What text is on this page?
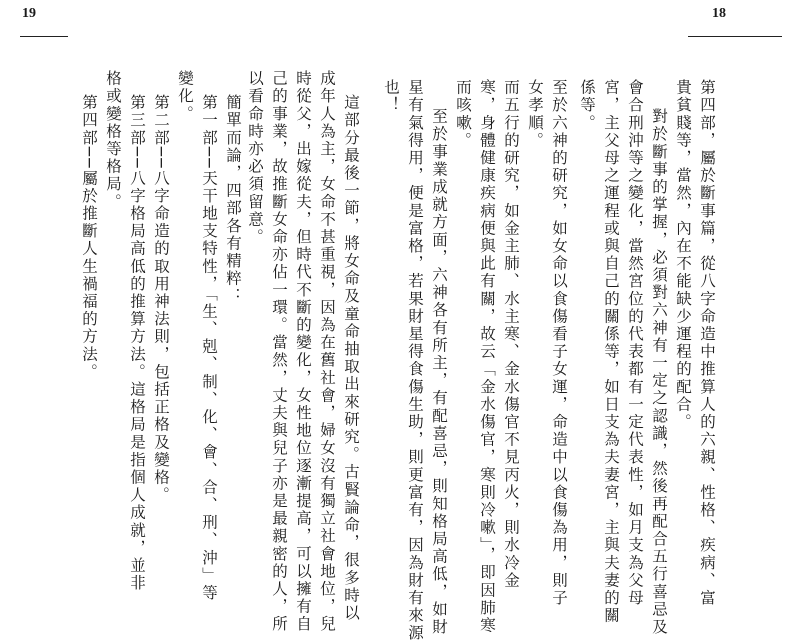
19	18
第四部，屬於斷事篇，從八字命造中推算人的六親、性格、疾病、富
貴貧賤等，當然，內在不能缺少運程的配合。
對於斷事的掌握，必須對六神有一定之認識，然後再配合五行喜忌及
會合刑沖等之變化，當然宮位的代表都有一定代表性，如月支為父母
宮，主父母之運程或與自己的關係等，如日支為夫妻宮，主與夫妻的關
係等。
至於六神的研究，如女命以食傷看子女運，命造中以食傷為用，則子
女孝順。
而五行的研究，如金主肺、水主寒、金水傷官不見丙火，則水冷金
寒，身體健康疾病便與此有關，故云「金水傷官，寒則冷嗽」，即因肺寒
而咳嗽。
至於事業成就方面，六神各有所主，有配喜忌，則知格局高低，如財
星有氣得用，便是富格，若果財星得食傷生助，則更富有，因為財有來源
也！
這部分最後一節，將女命及童命抽取出來研究。古賢論命，很多時以
成年人為主，女命不甚重視，因為在舊社會，婦女沒有獨立社會地位，兒
時從父，出嫁從夫，但時代不斷的變化，女性地位逐漸提高，可以擁有自
己的事業，故推斷女命亦佔一環。當然，丈夫與兒子亦是最親密的人，所
以看命時亦必須留意。
簡單而論，四部各有精粹：
第一部──天干地支特性，「生、剋、制、化、會、合、刑、沖」等
變化。
第二部──八字命造的取用神法則，包括正格及變格。
第三部──八字格局高低的推算方法。這格局是指個人成就，並非
格或變格等格局。
第四部──屬於推斷人生禍福的方法。
